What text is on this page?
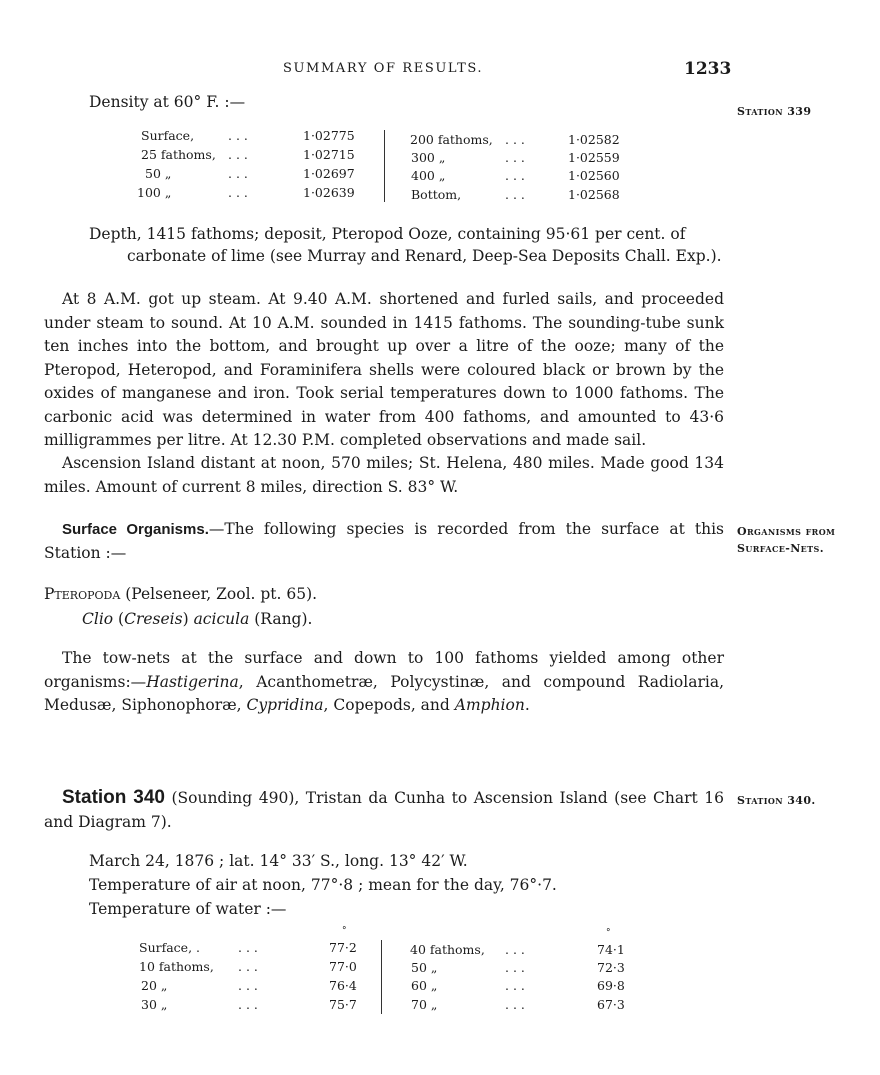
SUMMARY OF RESULTS.	1233
Station 339
Organisms from
Surface-Nets.
Station 340.
Density at 60° F. :—
Surface,	. . .	1·02775
25 fathoms, . . .	1·02715
50 „	. . .	1·02697
100 „	. . .	1·02639
200 fathoms, . . .	1·02582
300 „	. . .	1·02559
400 „	. . .	1·02560
Bottom,	. . .	1·02568
Depth, 1415 fathoms; deposit, Pteropod Ooze, containing 95·61 per cent. of
carbonate of lime (see Murray and Renard, Deep-Sea Deposits Chall. Exp.).
At 8 A.M. got up steam. At 9.40 A.M. shortened and furled sails, and proceeded under steam to sound. At 10 A.M. sounded in 1415 fathoms. The sounding-tube sunk ten inches into the bottom, and brought up over a litre of the ooze; many of the Pteropod, Heteropod, and Foraminifera shells were coloured black or brown by the oxides of manganese and iron. Took serial temperatures down to 1000 fathoms. The carbonic acid was determined in water from 400 fathoms, and amounted to 43·6 milligrammes per litre. At 12.30 P.M. completed observations and made sail.
Ascension Island distant at noon, 570 miles; St. Helena, 480 miles. Made good 134 miles. Amount of current 8 miles, direction S. 83° W.
Surface Organisms.—The following species is recorded from the surface at this Station :—
Pteropoda (Pelseneer, Zool. pt. 65).
Clio (Creseis) acicula (Rang).
The tow-nets at the surface and down to 100 fathoms yielded among other organisms:—Hastigerina, Acanthometræ, Polycystinæ, and compound Radiolaria, Medusæ, Siphonophoræ, Cypridina, Copepods, and Amphion.
Station 340 (Sounding 490), Tristan da Cunha to Ascension Island (see Chart 16 and Diagram 7).
March 24, 1876 ; lat. 14° 33′ S., long. 13° 42′ W.
Temperature of air at noon, 77°·8 ; mean for the day, 76°·7.
Temperature of water :—
°	°
Surface, .	. . .	77·2
10 fathoms, . . .	77·0
20 „	. . .	76·4
30 „	. . .	75·7
40 fathoms, . . .	74·1
50 „	. . .	72·3
60 „	. . .	69·8
70 „	. . .	67·3
